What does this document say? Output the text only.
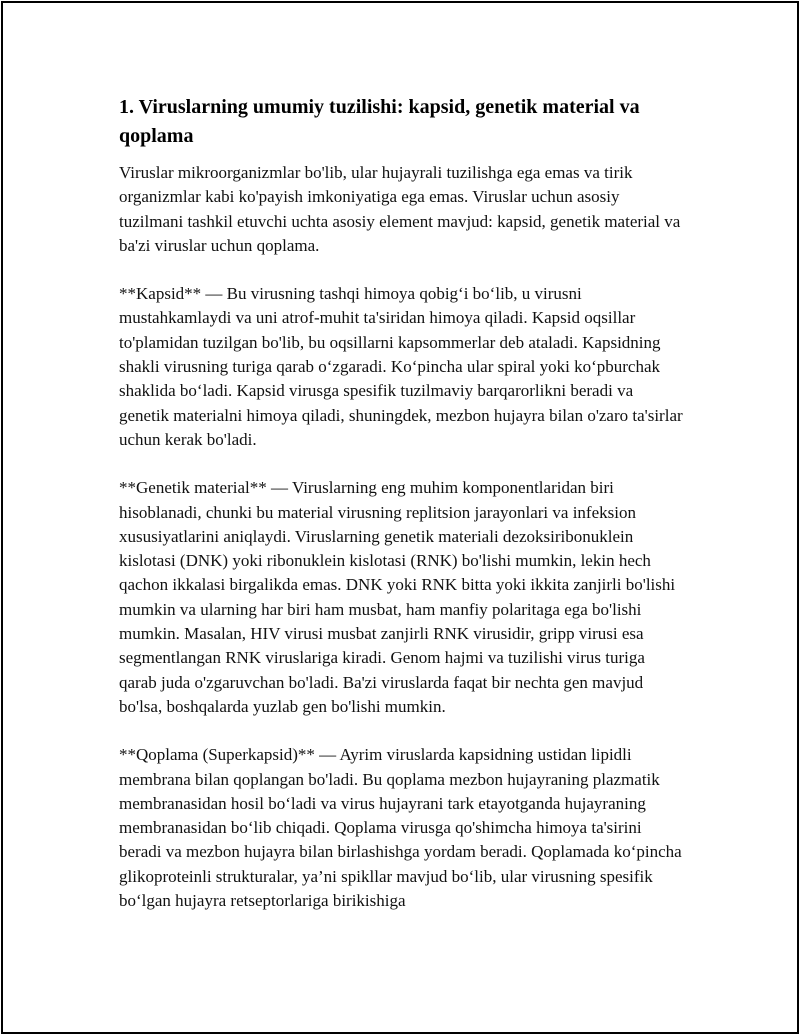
1. Viruslarning umumiy tuzilishi: kapsid, genetik material va qoplama

Viruslar mikroorganizmlar bo'lib, ular hujayrali tuzilishga ega emas va tirik organizmlar kabi ko'payish imkoniyatiga ega emas. Viruslar uchun asosiy tuzilmani tashkil etuvchi uchta asosiy element mavjud: kapsid, genetik material va ba'zi viruslar uchun qoplama.

**Kapsid** — Bu virusning tashqi himoya qobig‘i bo‘lib, u virusni mustahkamlaydi va uni atrof-muhit ta'siridan himoya qiladi. Kapsid oqsillar to'plamidan tuzilgan bo'lib, bu oqsillarni kapsommerlar deb ataladi. Kapsidning shakli virusning turiga qarab o‘zgaradi. Ko‘pincha ular spiral yoki ko‘pburchak shaklida bo‘ladi. Kapsid virusga spesifik tuzilmaviy barqarorlikni beradi va genetik materialni himoya qiladi, shuningdek, mezbon hujayra bilan o'zaro ta'sirlar uchun kerak bo'ladi.

**Genetik material** — Viruslarning eng muhim komponentlaridan biri hisoblanadi, chunki bu material virusning replitsion jarayonlari va infeksion xususiyatlarini aniqlaydi. Viruslarning genetik materiali dezoksiribonuklein kislotasi (DNK) yoki ribonuklein kislotasi (RNK) bo'lishi mumkin, lekin hech qachon ikkalasi birgalikda emas. DNK yoki RNK bitta yoki ikkita zanjirli bo'lishi mumkin va ularning har biri ham musbat, ham manfiy polaritaga ega bo'lishi mumkin. Masalan, HIV virusi musbat zanjirli RNK virusidir, gripp virusi esa segmentlangan RNK viruslariga kiradi. Genom hajmi va tuzilishi virus turiga qarab juda o'zgaruvchan bo'ladi. Ba'zi viruslarda faqat bir nechta gen mavjud bo'lsa, boshqalarda yuzlab gen bo'lishi mumkin.

**Qoplama (Superkapsid)** — Ayrim viruslarda kapsidning ustidan lipidli membrana bilan qoplangan bo'ladi. Bu qoplama mezbon hujayraning plazmatik membranasidan hosil bo‘ladi va virus hujayrani tark etayotganda hujayraning membranasidan bo‘lib chiqadi. Qoplama virusga qo'shimcha himoya ta'sirini beradi va mezbon hujayra bilan birlashishga yordam beradi. Qoplamada ko‘pincha glikoproteinli strukturalar, ya’ni spikllar mavjud bo‘lib, ular virusning spesifik bo‘lgan hujayra retseptorlariga birikishiga
